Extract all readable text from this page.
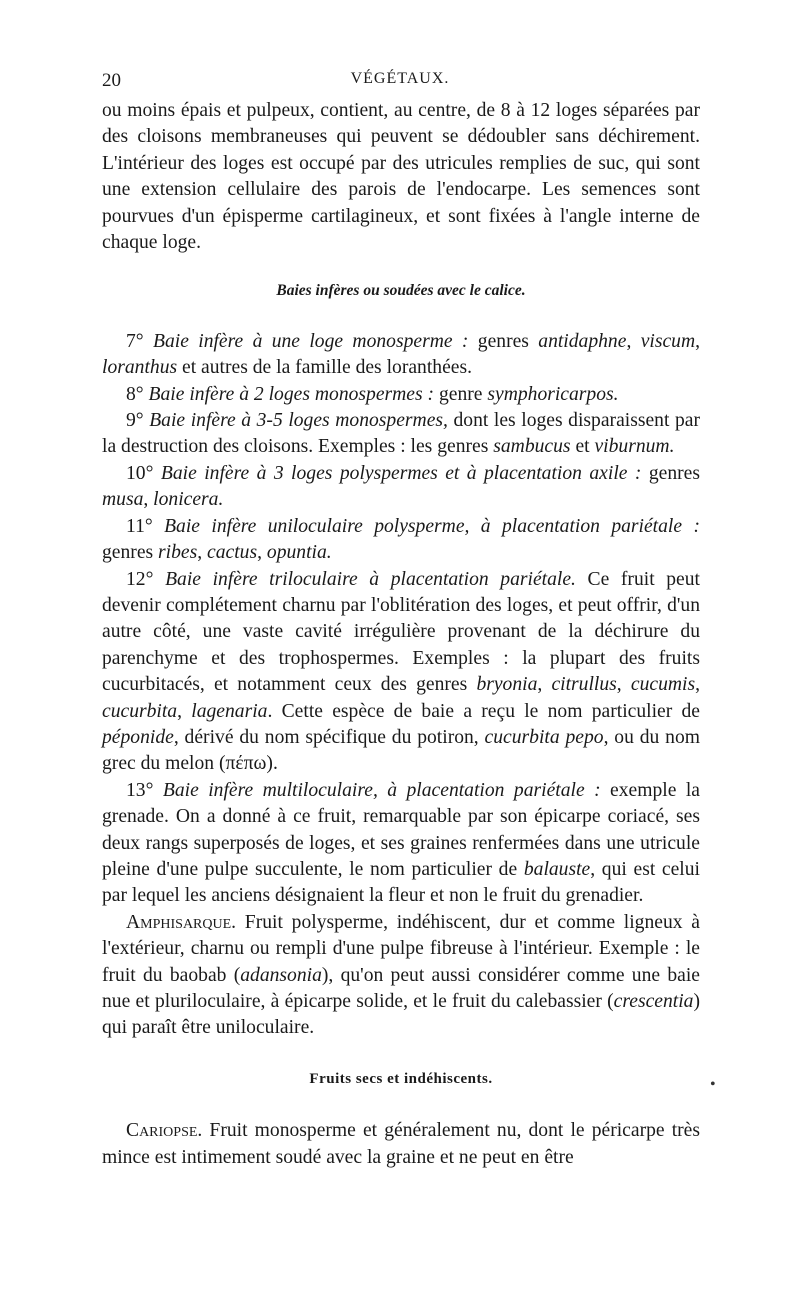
20	VÉGÉTAUX.

ou moins épais et pulpeux, contient, au centre, de 8 à 12 loges séparées par des cloisons membraneuses qui peuvent se dédoubler sans déchirement. L'intérieur des loges est occupé par des utricules remplies de suc, qui sont une extension cellulaire des parois de l'endocarpe. Les semences sont pourvues d'un épisperme cartilagineux, et sont fixées à l'angle interne de chaque loge.

Baies infères ou soudées avec le calice.

7° Baie infère à une loge monosperme : genres antidaphne, viscum, loranthus et autres de la famille des loranthées.

8° Baie infère à 2 loges monospermes : genre symphoricarpos.

9° Baie infère à 3-5 loges monospermes, dont les loges disparaissent par la destruction des cloisons. Exemples : les genres sambucus et viburnum.

10° Baie infère à 3 loges polyspermes et à placentation axile : genres musa, lonicera.

11° Baie infère uniloculaire polysperme, à placentation pariétale : genres ribes, cactus, opuntia.

12° Baie infère triloculaire à placentation pariétale. Ce fruit peut devenir complétement charnu par l'oblitération des loges, et peut offrir, d'un autre côté, une vaste cavité irrégulière provenant de la déchirure du parenchyme et des trophospermes. Exemples : la plupart des fruits cucurbitacés, et notamment ceux des genres bryonia, citrullus, cucumis, cucurbita, lagenaria. Cette espèce de baie a reçu le nom particulier de péponide, dérivé du nom spécifique du potiron, cucurbita pepo, ou du nom grec du melon (πέπω).

13° Baie infère multiloculaire, à placentation pariétale : exemple la grenade. On a donné à ce fruit, remarquable par son épicarpe coriacé, ses deux rangs superposés de loges, et ses graines renfermées dans une utricule pleine d'une pulpe succulente, le nom particulier de balauste, qui est celui par lequel les anciens désignaient la fleur et non le fruit du grenadier.

Amphisarque. Fruit polysperme, indéhiscent, dur et comme ligneux à l'extérieur, charnu ou rempli d'une pulpe fibreuse à l'intérieur. Exemple : le fruit du baobab (adansonia), qu'on peut aussi considérer comme une baie nue et pluriloculaire, à épicarpe solide, et le fruit du calebassier (crescentia) qui paraît être uniloculaire.

Fruits secs et indéhiscents.

Cariopse. Fruit monosperme et généralement nu, dont le péricarpe très mince est intimement soudé avec la graine et ne peut en être

•
